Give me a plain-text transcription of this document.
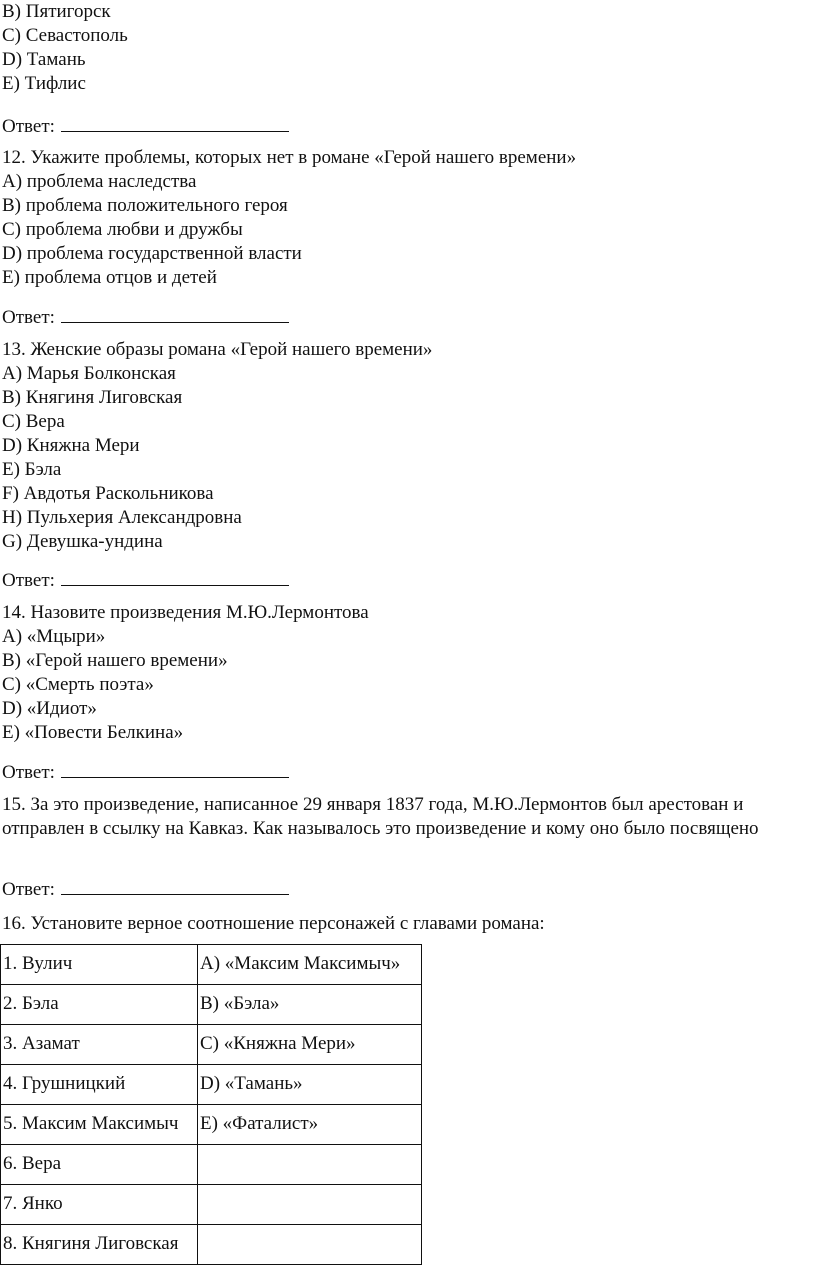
B) Пятигорск
C) Севастополь
D) Тамань
E) Тифлис
Ответ:
12. Укажите проблемы, которых нет в романе «Герой нашего времени»
A) проблема наследства
B) проблема положительного героя
C) проблема любви и дружбы
D) проблема государственной власти
E) проблема отцов и детей
Ответ:
13. Женские образы романа «Герой нашего времени»
A) Марья Болконская
B) Княгиня Лиговская
C) Вера
D) Княжна Мери
E) Бэла
F) Авдотья Раскольникова
H) Пульхерия Александровна
G) Девушка-ундина
Ответ:
14. Назовите произведения М.Ю.Лермонтова
A) «Мцыри»
B) «Герой нашего времени»
C) «Смерть поэта»
D) «Идиот»
E) «Повести Белкина»
Ответ:
15. За это произведение, написанное 29 января 1837 года, М.Ю.Лермонтов был арестован и отправлен в ссылку на Кавказ. Как называлось это произведение и кому оно было посвящено
Ответ:
16. Установите верное соотношение персонажей с главами романа:
1. Вулич	A) «Максим Максимыч»
2. Бэла	B) «Бэла»
3. Азамат	C) «Княжна Мери»
4. Грушницкий	D) «Тамань»
5. Максим Максимыч	E) «Фаталист»
6. Вера	
7. Янко	
8. Княгиня Лиговская	
